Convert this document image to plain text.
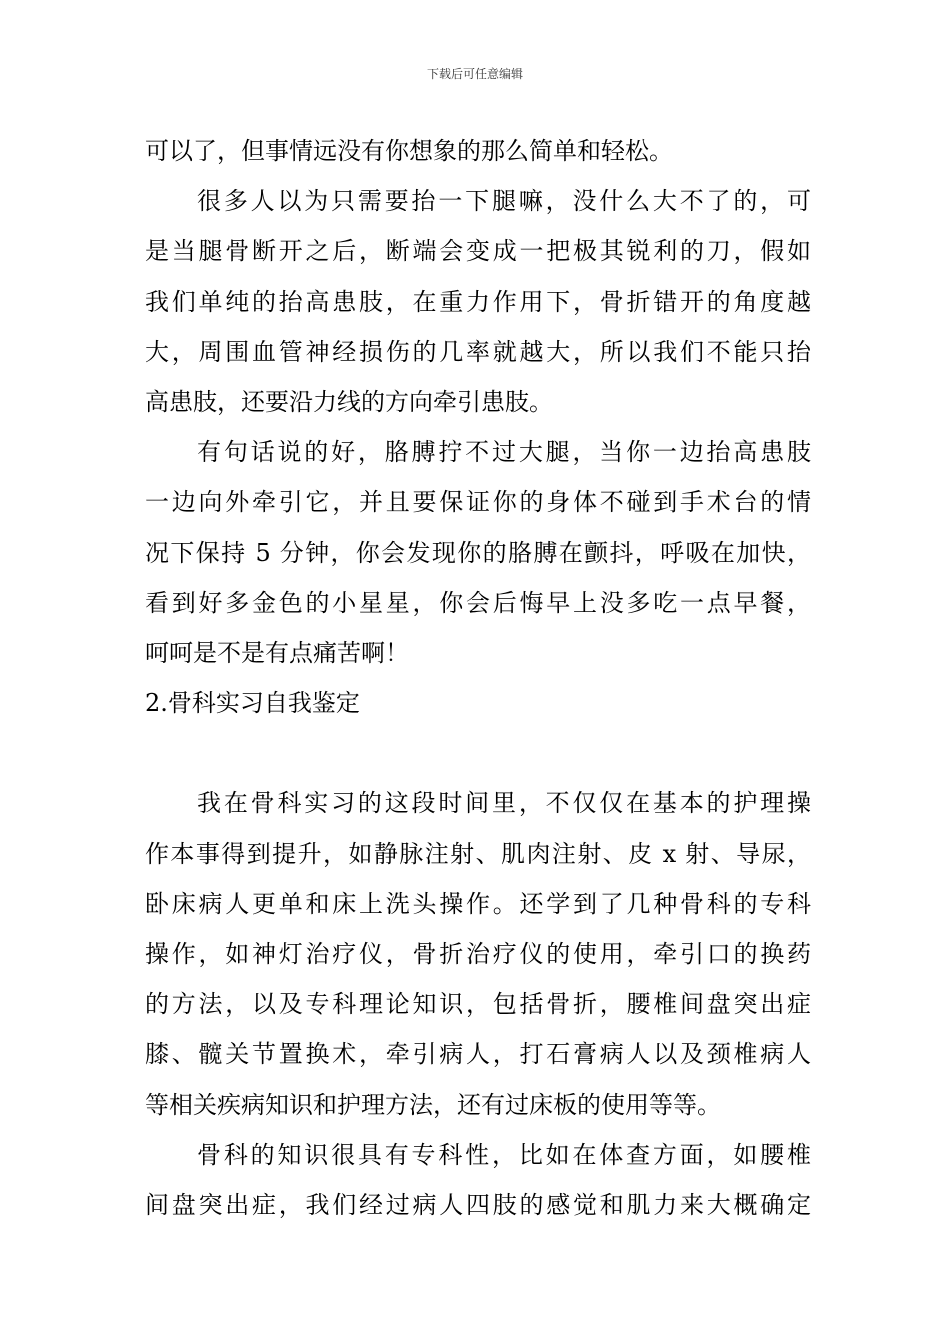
下载后可任意编辑
可以了，但事情远没有你想象的那么简单和轻松。
很多人以为只需要抬一下腿嘛，没什么大不了的，可
是当腿骨断开之后，断端会变成一把极其锐利的刀，假如
我们单纯的抬高患肢，在重力作用下，骨折错开的角度越
大，周围血管神经损伤的几率就越大，所以我们不能只抬
高患肢，还要沿力线的方向牵引患肢。
有句话说的好，胳膊拧不过大腿，当你一边抬高患肢
一边向外牵引它，并且要保证你的身体不碰到手术台的情
况下保持 5 分钟，你会发现你的胳膊在颤抖，呼吸在加快，
看到好多金色的小星星，你会后悔早上没多吃一点早餐，
呵呵是不是有点痛苦啊！
2.骨科实习自我鉴定
我在骨科实习的这段时间里，不仅仅在基本的护理操
作本事得到提升，如静脉注射、肌肉注射、皮 x 射、导尿，
卧床病人更单和床上洗头操作。还学到了几种骨科的专科
操作，如神灯治疗仪，骨折治疗仪的使用，牵引口的换药
的方法，以及专科理论知识，包括骨折，腰椎间盘突出症
膝、髋关节置换术，牵引病人，打石膏病人以及颈椎病人
等相关疾病知识和护理方法，还有过床板的使用等等。
骨科的知识很具有专科性，比如在体查方面，如腰椎
间盘突出症，我们经过病人四肢的感觉和肌力来大概确定
